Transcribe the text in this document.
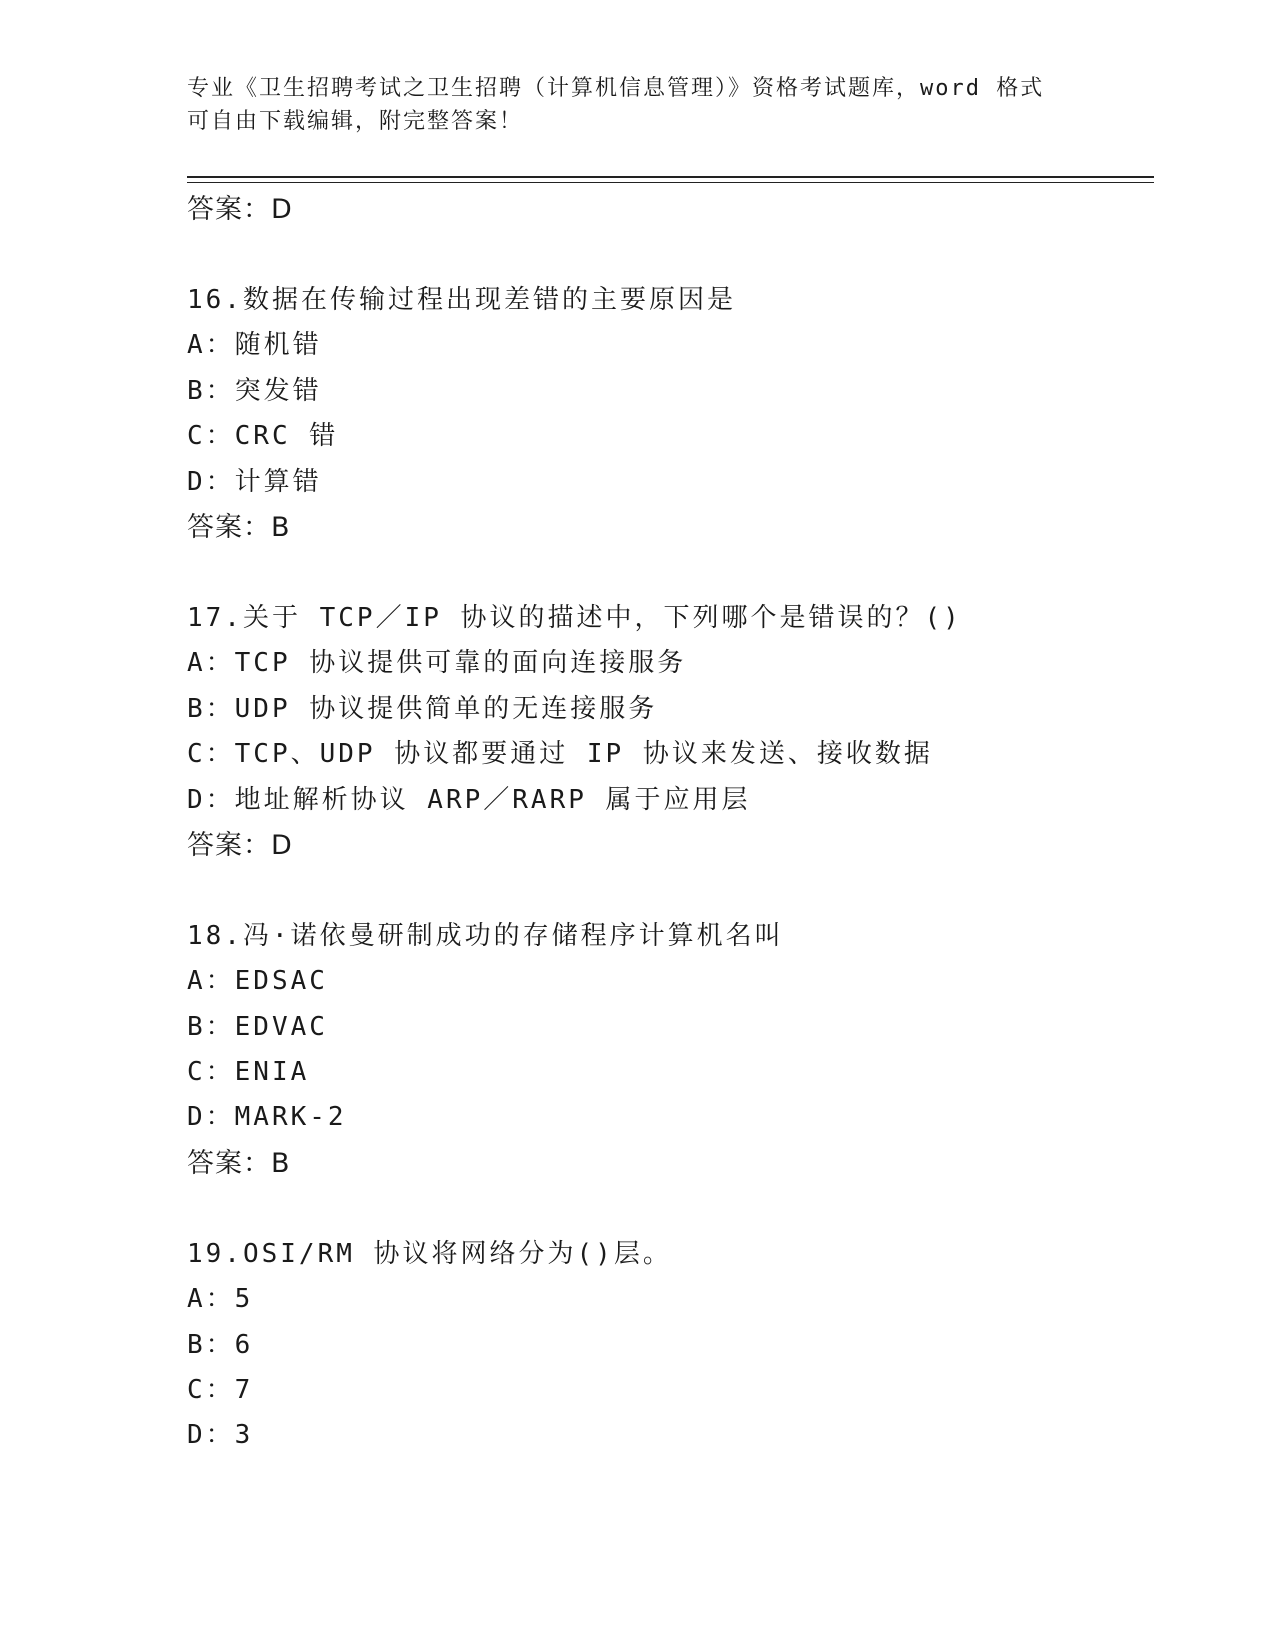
专业《卫生招聘考试之卫生招聘（计算机信息管理）》资格考试题库，word 格式
可自由下载编辑，附完整答案！
答案：D
16.数据在传输过程出现差错的主要原因是
A：随机错
B：突发错
C：CRC 错
D：计算错
答案：B
17.关于 TCP／IP 协议的描述中，下列哪个是错误的？()
A：TCP 协议提供可靠的面向连接服务
B：UDP 协议提供简单的无连接服务
C：TCP、UDP 协议都要通过 IP 协议来发送、接收数据
D：地址解析协议 ARP／RARP 属于应用层
答案：D
18.冯·诺依曼研制成功的存储程序计算机名叫
A：EDSAC
B：EDVAC
C：ENIA
D：MARK-2
答案：B
19.OSI/RM 协议将网络分为()层。
A：5
B：6
C：7
D：3
